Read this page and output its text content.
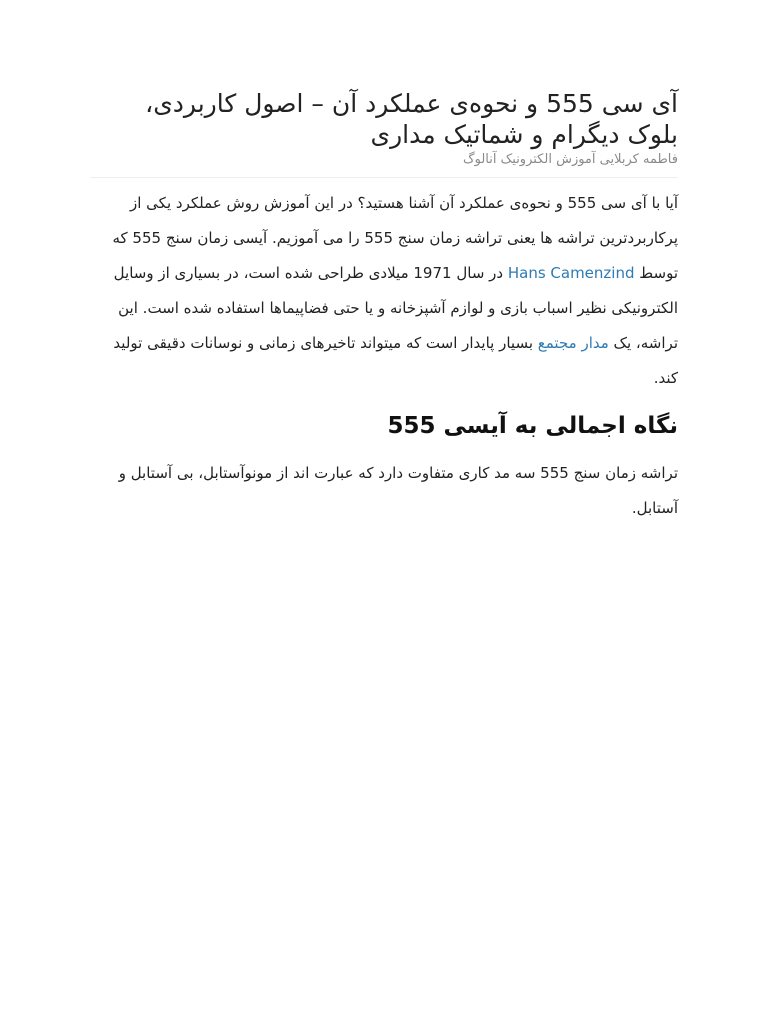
آی سی 555 و نحوه‌ی عملکرد آن – اصول کاربردی، بلوک دیگرام و شماتیک مداری
فاطمه کربلایی آموزش الکترونیک آنالوگ

آیا با آی سی 555 و نحوه‌ی عملکرد آن آشنا هستید؟ در این آموزش روش عملکرد یکی از پرکاربردترین تراشه ها یعنی تراشه زمان سنج 555 را می آموزیم. آیسی زمان سنج 555 که توسط Hans Camenzind در سال 1971 میلادی طراحی شده است، در بسیاری از وسایل الکترونیکی نظیر اسباب بازی و لوازم آشپزخانه و یا حتی فضاپیماها استفاده شده است. این تراشه، یک مدار مجتمع بسیار پایدار است که میتواند تاخیرهای زمانی و نوسانات دقیقی تولید کند.

نگاه اجمالی به آیسی 555

تراشه زمان سنج 555 سه مد کاری متفاوت دارد که عبارت اند از مونوآستابل، بی آستابل و آستابل.
